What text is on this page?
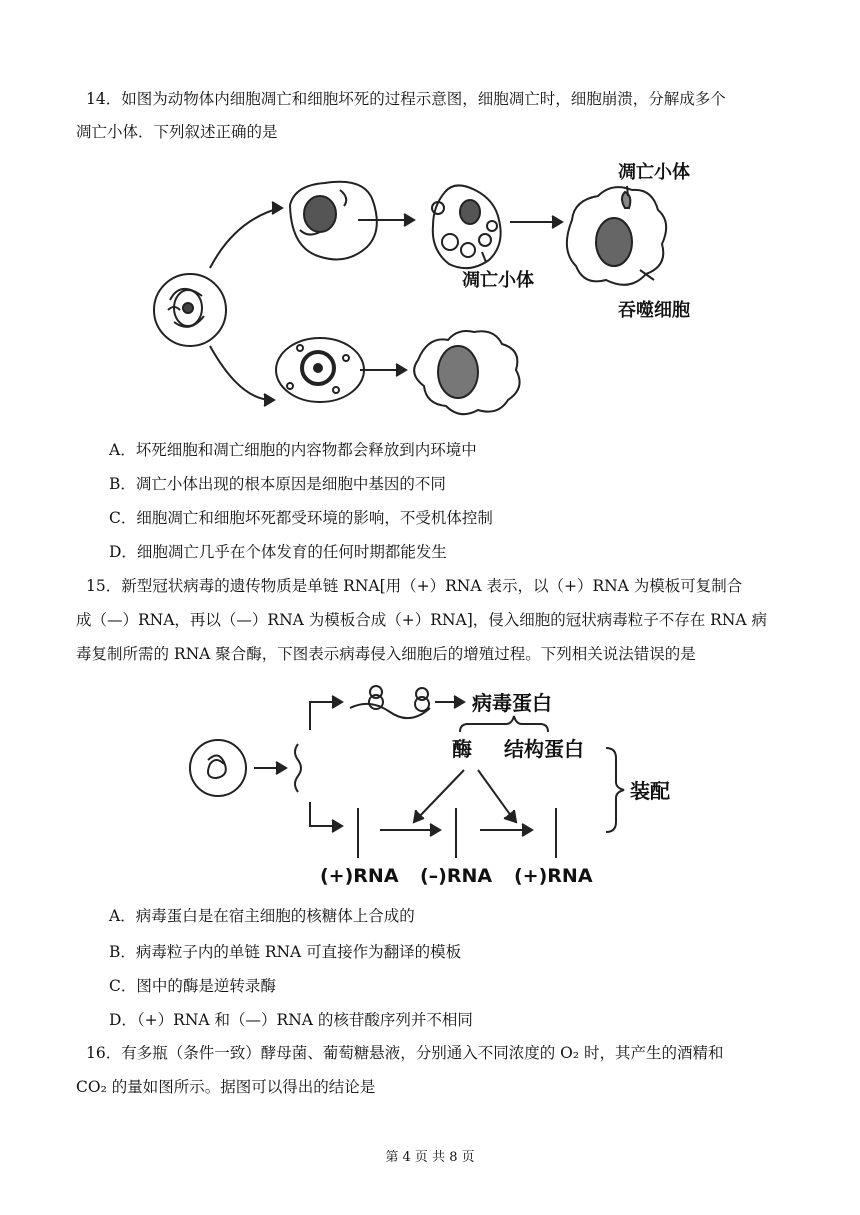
14．如图为动物体内细胞凋亡和细胞坏死的过程示意图，细胞凋亡时，细胞崩溃，分解成多个
凋亡小体．下列叙述正确的是
凋亡小体
凋亡小体
吞噬细胞
A．坏死细胞和凋亡细胞的内容物都会释放到内环境中
B．凋亡小体出现的根本原因是细胞中基因的不同
C．细胞凋亡和细胞坏死都受环境的影响，不受机体控制
D．细胞凋亡几乎在个体发育的任何时期都能发生
15．新型冠状病毒的遗传物质是单链 RNA[用（+）RNA 表示，以（+）RNA 为模板可复制合
成（—）RNA，再以（—）RNA 为模板合成（+）RNA]，侵入细胞的冠状病毒粒子不存在 RNA 病
毒复制所需的 RNA 聚合酶，下图表示病毒侵入细胞后的增殖过程。下列相关说法错误的是
病毒蛋白
酶 结构蛋白
装配
(+)RNA (–)RNA (+)RNA
A．病毒蛋白是在宿主细胞的核糖体上合成的
B．病毒粒子内的单链 RNA 可直接作为翻译的模板
C．图中的酶是逆转录酶
D．（+）RNA 和（—）RNA 的核苷酸序列并不相同
16．有多瓶（条件一致）酵母菌、葡萄糖悬液，分别通入不同浓度的 O₂ 时，其产生的酒精和
CO₂ 的量如图所示。据图可以得出的结论是
第 4 页 共 8 页
